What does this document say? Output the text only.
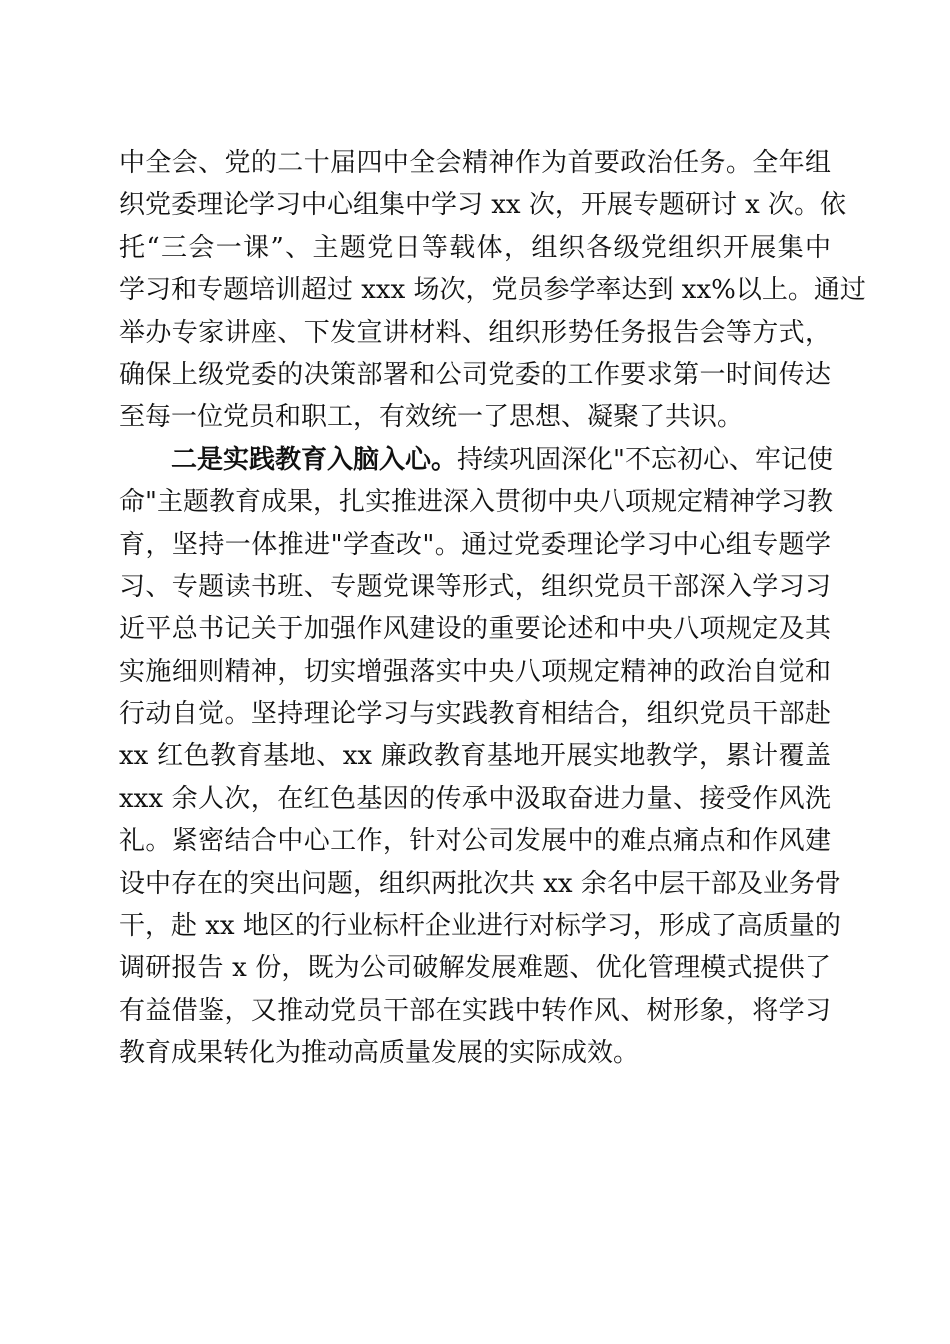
中全会、党的二十届四中全会精神作为首要政治任务。全年组
织党委理论学习中心组集中学习 xx 次，开展专题研讨 x 次。依
托“三会一课”、主题党日等载体，组织各级党组织开展集中
学习和专题培训超过 xxx 场次，党员参学率达到 xx%以上。通过
举办专家讲座、下发宣讲材料、组织形势任务报告会等方式，
确保上级党委的决策部署和公司党委的工作要求第一时间传达
至每一位党员和职工，有效统一了思想、凝聚了共识。
二是实践教育入脑入心。持续巩固深化"不忘初心、牢记使
命"主题教育成果，扎实推进深入贯彻中央八项规定精神学习教
育，坚持一体推进"学查改"。通过党委理论学习中心组专题学
习、专题读书班、专题党课等形式，组织党员干部深入学习习
近平总书记关于加强作风建设的重要论述和中央八项规定及其
实施细则精神，切实增强落实中央八项规定精神的政治自觉和
行动自觉。坚持理论学习与实践教育相结合，组织党员干部赴
xx 红色教育基地、xx 廉政教育基地开展实地教学，累计覆盖
xxx 余人次，在红色基因的传承中汲取奋进力量、接受作风洗
礼。紧密结合中心工作，针对公司发展中的难点痛点和作风建
设中存在的突出问题，组织两批次共 xx 余名中层干部及业务骨
干，赴 xx 地区的行业标杆企业进行对标学习，形成了高质量的
调研报告 x 份，既为公司破解发展难题、优化管理模式提供了
有益借鉴，又推动党员干部在实践中转作风、树形象，将学习
教育成果转化为推动高质量发展的实际成效。
